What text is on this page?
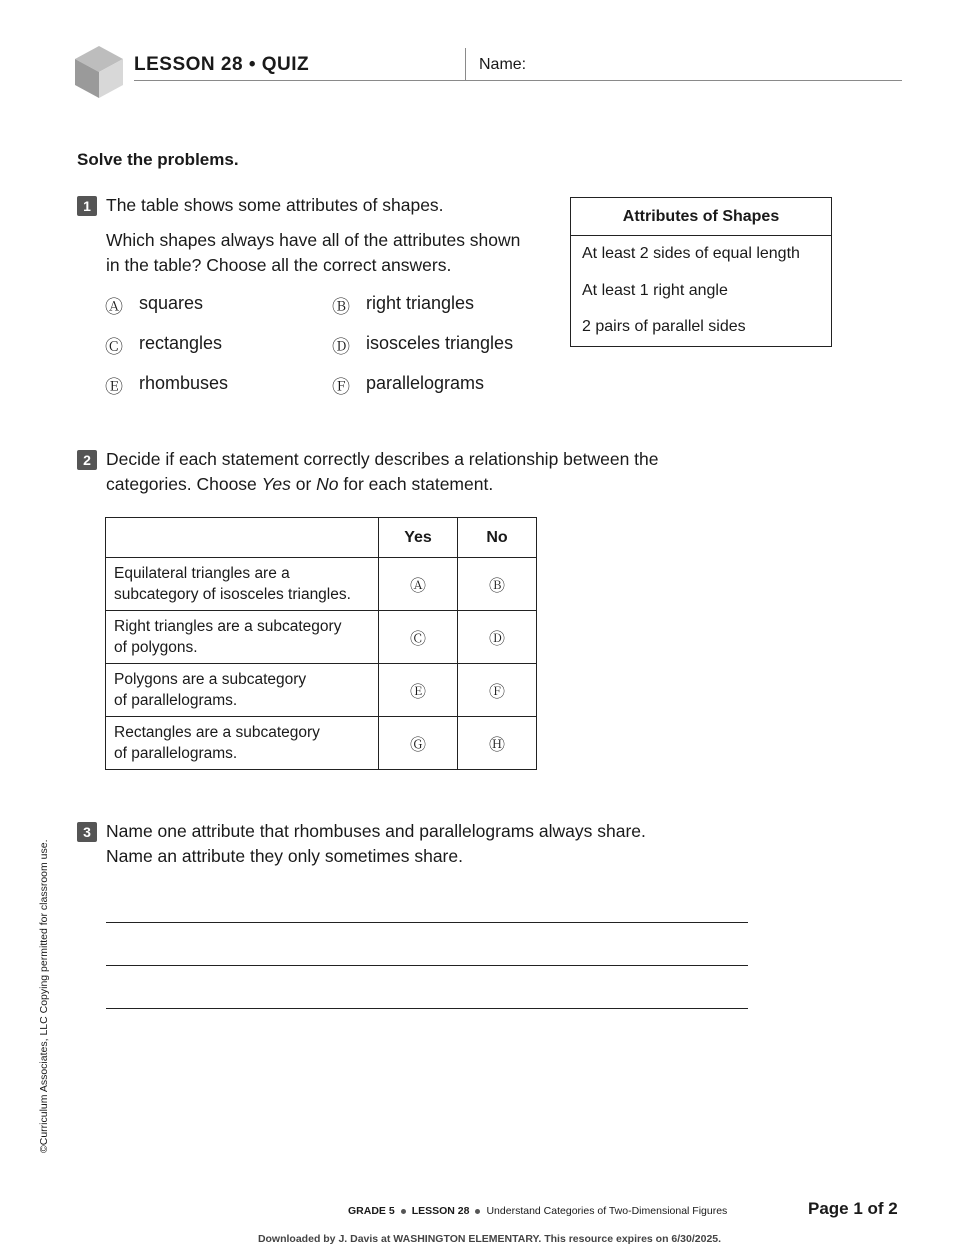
LESSON 28 • QUIZ	Name:
Solve the problems.
1 The table shows some attributes of shapes.
Which shapes always have all of the attributes shown
in the table? Choose all the correct answers.
Ⓐ squares	Ⓑ right triangles
Ⓒ rectangles	Ⓓ isosceles triangles
Ⓔ rhombuses	Ⓕ parallelograms
Attributes of Shapes
At least 2 sides of equal length
At least 1 right angle
2 pairs of parallel sides
2 Decide if each statement correctly describes a relationship between the
categories. Choose Yes or No for each statement.
	Yes	No
Equilateral triangles are a
subcategory of isosceles triangles.	Ⓐ	Ⓑ
Right triangles are a subcategory
of polygons.	Ⓒ	Ⓓ
Polygons are a subcategory
of parallelograms.	Ⓔ	Ⓕ
Rectangles are a subcategory
of parallelograms.	Ⓖ	Ⓗ
3 Name one attribute that rhombuses and parallelograms always share.
Name an attribute they only sometimes share.
©Curriculum Associates, LLC Copying permitted for classroom use.
GRADE 5 LESSON 28 Understand Categories of Two-Dimensional Figures	Page 1 of 2
Downloaded by J. Davis at WASHINGTON ELEMENTARY. This resource expires on 6/30/2025.
